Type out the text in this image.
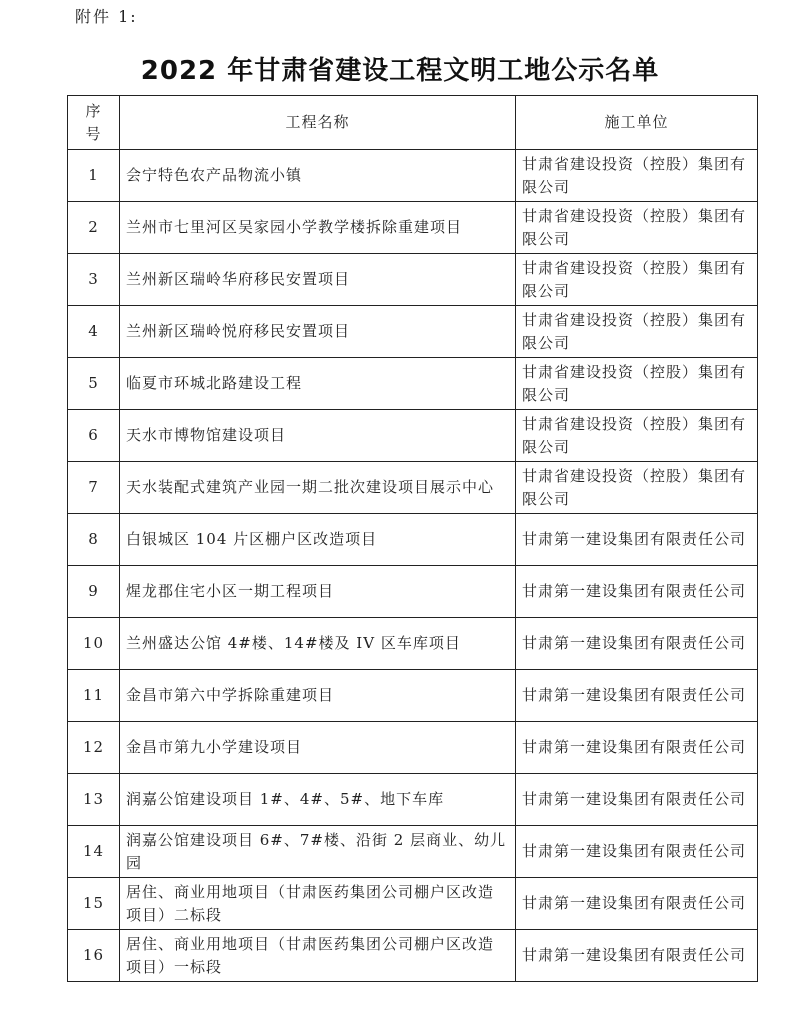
附件 1:
2022 年甘肃省建设工程文明工地公示名单
序
号	工程名称	施工单位
1	会宁特色农产品物流小镇	甘肃省建设投资（控股）集团有限公司
2	兰州市七里河区吴家园小学教学楼拆除重建项目	甘肃省建设投资（控股）集团有限公司
3	兰州新区瑞岭华府移民安置项目	甘肃省建设投资（控股）集团有限公司
4	兰州新区瑞岭悦府移民安置项目	甘肃省建设投资（控股）集团有限公司
5	临夏市环城北路建设工程	甘肃省建设投资（控股）集团有限公司
6	天水市博物馆建设项目	甘肃省建设投资（控股）集团有限公司
7	天水装配式建筑产业园一期二批次建设项目展示中心	甘肃省建设投资（控股）集团有限公司
8	白银城区 104 片区棚户区改造项目	甘肃第一建设集团有限责任公司
9	煋龙郡住宅小区一期工程项目	甘肃第一建设集团有限责任公司
10	兰州盛达公馆 4#楼、14#楼及 IV 区车库项目	甘肃第一建设集团有限责任公司
11	金昌市第六中学拆除重建项目	甘肃第一建设集团有限责任公司
12	金昌市第九小学建设项目	甘肃第一建设集团有限责任公司
13	润嘉公馆建设项目 1#、4#、5#、地下车库	甘肃第一建设集团有限责任公司
14	润嘉公馆建设项目 6#、7#楼、沿街 2 层商业、幼儿园	甘肃第一建设集团有限责任公司
15	居住、商业用地项目（甘肃医药集团公司棚户区改造项目）二标段	甘肃第一建设集团有限责任公司
16	居住、商业用地项目（甘肃医药集团公司棚户区改造项目）一标段	甘肃第一建设集团有限责任公司
